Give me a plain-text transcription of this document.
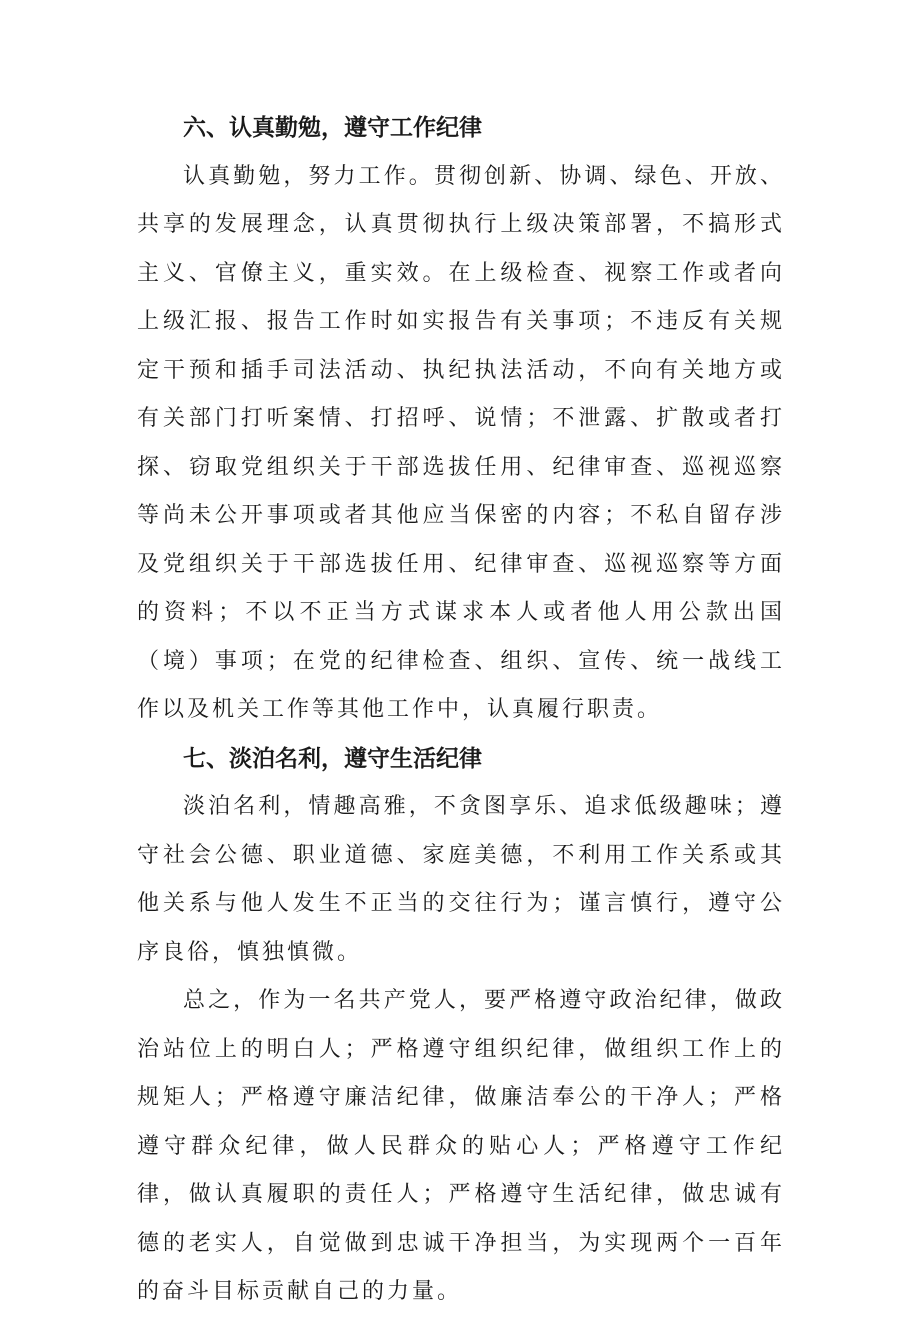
六、认真勤勉，遵守工作纪律

认真勤勉，努力工作。贯彻创新、协调、绿色、开放、共享的发展理念，认真贯彻执行上级决策部署，不搞形式主义、官僚主义，重实效。在上级检查、视察工作或者向上级汇报、报告工作时如实报告有关事项；不违反有关规定干预和插手司法活动、执纪执法活动，不向有关地方或有关部门打听案情、打招呼、说情；不泄露、扩散或者打探、窃取党组织关于干部选拔任用、纪律审查、巡视巡察等尚未公开事项或者其他应当保密的内容；不私自留存涉及党组织关于干部选拔任用、纪律审查、巡视巡察等方面的资料；不以不正当方式谋求本人或者他人用公款出国（境）事项；在党的纪律检查、组织、宣传、统一战线工作以及机关工作等其他工作中，认真履行职责。

七、淡泊名利，遵守生活纪律

淡泊名利，情趣高雅，不贪图享乐、追求低级趣味；遵守社会公德、职业道德、家庭美德，不利用工作关系或其他关系与他人发生不正当的交往行为；谨言慎行，遵守公序良俗，慎独慎微。

总之，作为一名共产党人，要严格遵守政治纪律，做政治站位上的明白人；严格遵守组织纪律，做组织工作上的规矩人；严格遵守廉洁纪律，做廉洁奉公的干净人；严格遵守群众纪律，做人民群众的贴心人；严格遵守工作纪律，做认真履职的责任人；严格遵守生活纪律，做忠诚有德的老实人，自觉做到忠诚干净担当，为实现两个一百年的奋斗目标贡献自己的力量。
